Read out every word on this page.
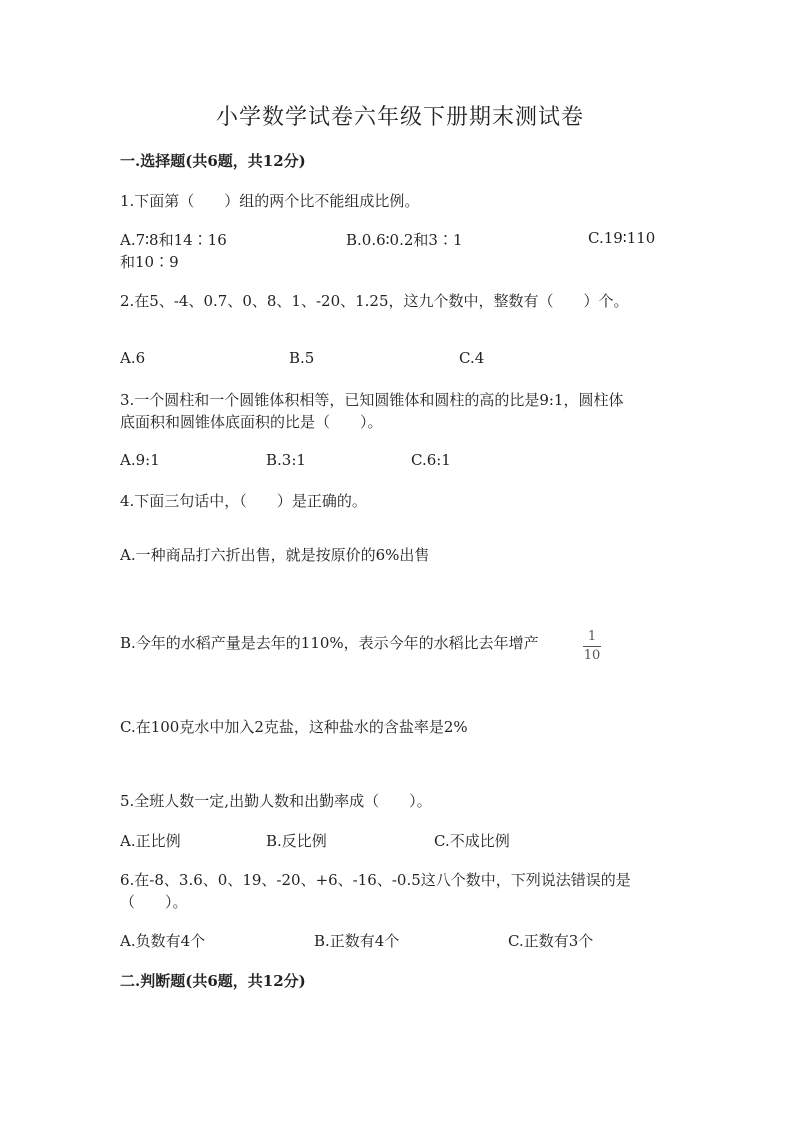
小学数学试卷六年级下册期末测试卷
一.选择题(共6题，共12分)
1.下面第（　　）组的两个比不能组成比例。
A.7∶8和14∶16	B.0.6∶0.2和3∶1	C.19∶110
和10∶9
2.在5、-4、0.7、0、8、1、-20、1.25，这九个数中，整数有（　　）个。
A.6	B.5	C.4
3.一个圆柱和一个圆锥体积相等，已知圆锥体和圆柱的高的比是9:1，圆柱体
底面积和圆锥体底面积的比是（　　）。
A.9:1	B.3:1	C.6:1
4.下面三句话中，（　　）是正确的。
A.一种商品打六折出售，就是按原价的6%出售
B.今年的水稻产量是去年的110%，表示今年的水稻比去年增产	1
10
C.在100克水中加入2克盐，这种盐水的含盐率是2%
5.全班人数一定,出勤人数和出勤率成（　　）。
A.正比例	B.反比例	C.不成比例
6.在-8、3.6、0、19、-20、+6、-16、-0.5这八个数中，下列说法错误的是
（　　）。
A.负数有4个	B.正数有4个	C.正数有3个
二.判断题(共6题，共12分)
